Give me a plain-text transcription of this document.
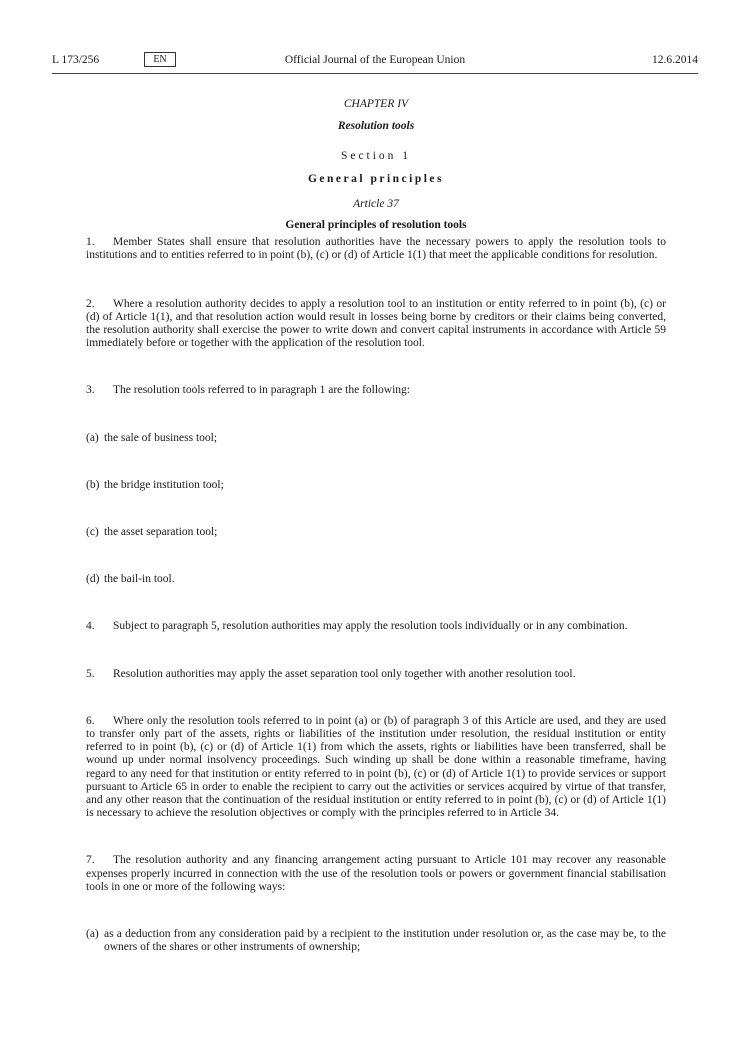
L 173/256	EN	Official Journal of the European Union	12.6.2014
CHAPTER IV
Resolution tools
Section 1
General principles
Article 37
General principles of resolution tools

1. Member States shall ensure that resolution authorities have the necessary powers to apply the resolution tools to institutions and to entities referred to in point (b), (c) or (d) of Article 1(1) that meet the applicable conditions for resolution.

2. Where a resolution authority decides to apply a resolution tool to an institution or entity referred to in point (b), (c) or (d) of Article 1(1), and that resolution action would result in losses being borne by creditors or their claims being converted, the resolution authority shall exercise the power to write down and convert capital instruments in accordance with Article 59 immediately before or together with the application of the resolution tool.

3. The resolution tools referred to in paragraph 1 are the following:

(a) the sale of business tool;

(b) the bridge institution tool;

(c) the asset separation tool;

(d) the bail-in tool.

4. Subject to paragraph 5, resolution authorities may apply the resolution tools individually or in any combination.

5. Resolution authorities may apply the asset separation tool only together with another resolution tool.

6. Where only the resolution tools referred to in point (a) or (b) of paragraph 3 of this Article are used, and they are used to transfer only part of the assets, rights or liabilities of the institution under resolution, the residual institution or entity referred to in point (b), (c) or (d) of Article 1(1) from which the assets, rights or liabilities have been transferred, shall be wound up under normal insolvency proceedings. Such winding up shall be done within a reasonable timeframe, having regard to any need for that institution or entity referred to in point (b), (c) or (d) of Article 1(1) to provide services or support pursuant to Article 65 in order to enable the recipient to carry out the activities or services acquired by virtue of that transfer, and any other reason that the continuation of the residual institution or entity referred to in point (b), (c) or (d) of Article 1(1) is necessary to achieve the resolution objectives or comply with the principles referred to in Article 34.

7. The resolution authority and any financing arrangement acting pursuant to Article 101 may recover any reasonable expenses properly incurred in connection with the use of the resolution tools or powers or government financial stabilisation tools in one or more of the following ways:

(a) as a deduction from any consideration paid by a recipient to the institution under resolution or, as the case may be, to the owners of the shares or other instruments of ownership;
